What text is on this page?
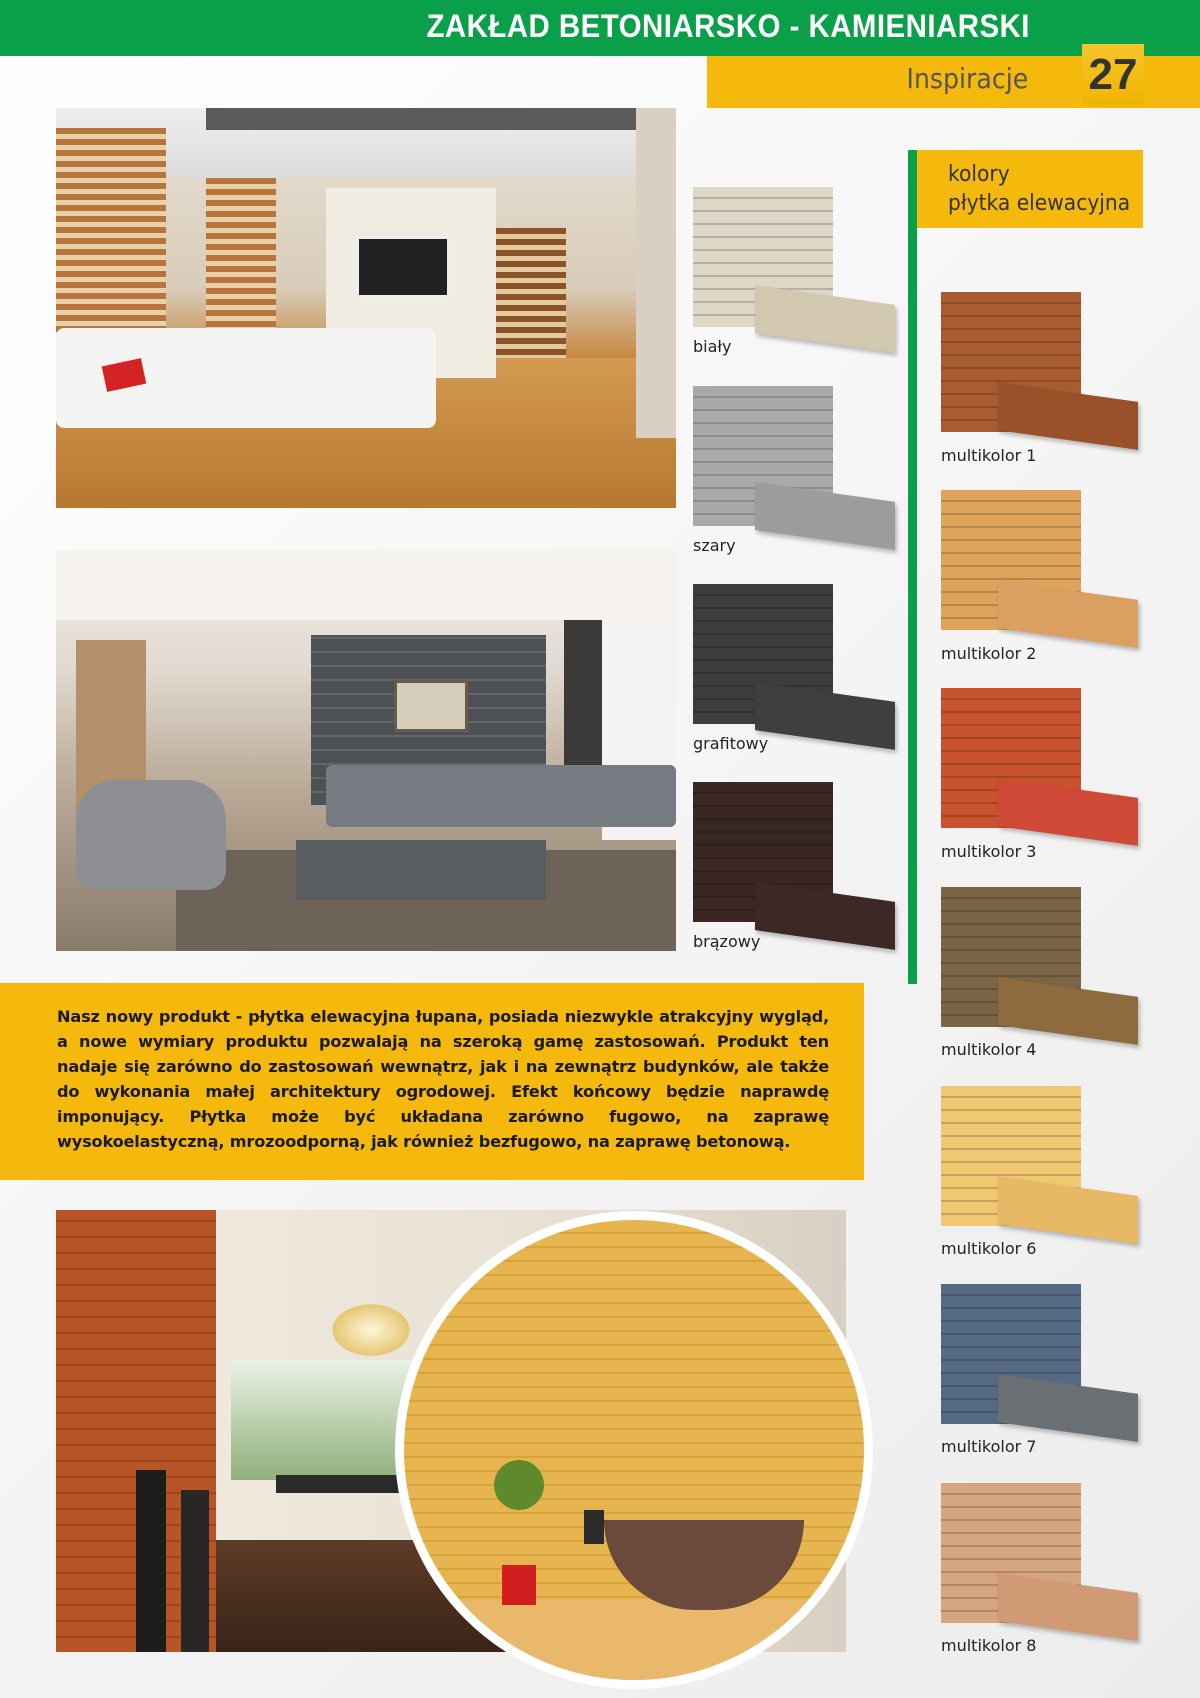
ZAKŁAD BETONIARSKO - KAMIENIARSKI
Inspiracje 27
biały
szary
grafitowy
brązowy
kolory
płytka elewacyjna
multikolor 1
multikolor 2
multikolor 3
multikolor 4
multikolor 6
multikolor 7
multikolor 8
Nasz nowy produkt - płytka elewacyjna łupana, posiada niezwykle atrakcyjny wygląd, a nowe wymiary produktu pozwalają na szeroką gamę zastosowań. Produkt ten nadaje się zarówno do zastosowań wewnątrz, jak i na zewnątrz budynków, ale także do wykonania małej architektury ogrodowej. Efekt końcowy będzie naprawdę imponujący. Płytka może być układana zarówno fugowo, na zaprawę wysokoelastyczną, mrozoodporną, jak również bezfugowo, na zaprawę betonową.
